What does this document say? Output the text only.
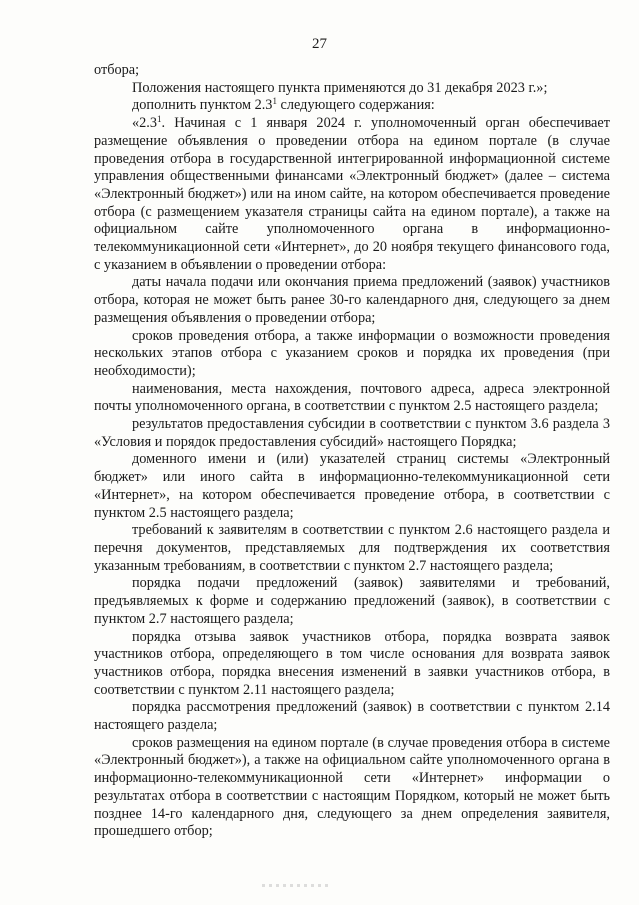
27

отбора;

Положения настоящего пункта применяются до 31 декабря 2023 г.»;

дополнить пунктом $2.3^1$ следующего содержания:

«$2.3^1$. Начиная с 1 января 2024 г. уполномоченный орган обеспечивает размещение объявления о проведении отбора на едином портале (в случае проведения отбора в государственной интегрированной информационной системе управления общественными финансами «Электронный бюджет» (далее – система «Электронный бюджет») или на ином сайте, на котором обеспечивается проведение отбора (с размещением указателя страницы сайта на едином портале), а также на официальном сайте уполномоченного органа в информационно-телекоммуникационной сети «Интернет», до 20 ноября текущего финансового года, с указанием в объявлении о проведении отбора:

даты начала подачи или окончания приема предложений (заявок) участников отбора, которая не может быть ранее 30-го календарного дня, следующего за днем размещения объявления о проведении отбора;

сроков проведения отбора, а также информации о возможности проведения нескольких этапов отбора с указанием сроков и порядка их проведения (при необходимости);

наименования, места нахождения, почтового адреса, адреса электронной почты уполномоченного органа, в соответствии с пунктом 2.5 настоящего раздела;

результатов предоставления субсидии в соответствии с пунктом 3.6 раздела 3 «Условия и порядок предоставления субсидий» настоящего Порядка;

доменного имени и (или) указателей страниц системы «Электронный бюджет» или иного сайта в информационно-телекоммуникационной сети «Интернет», на котором обеспечивается проведение отбора, в соответствии с пунктом 2.5 настоящего раздела;

требований к заявителям в соответствии с пунктом 2.6 настоящего раздела и перечня документов, представляемых для подтверждения их соответствия указанным требованиям, в соответствии с пунктом 2.7 настоящего раздела;

порядка подачи предложений (заявок) заявителями и требований, предъявляемых к форме и содержанию предложений (заявок), в соответствии с пунктом 2.7 настоящего раздела;

порядка отзыва заявок участников отбора, порядка возврата заявок участников отбора, определяющего в том числе основания для возврата заявок участников отбора, порядка внесения изменений в заявки участников отбора, в соответствии с пунктом 2.11 настоящего раздела;

порядка рассмотрения предложений (заявок) в соответствии с пунктом 2.14 настоящего раздела;

сроков размещения на едином портале (в случае проведения отбора в системе «Электронный бюджет»), а также на официальном сайте уполномоченного органа в информационно-телекоммуникационной сети «Интернет» информации о результатах отбора в соответствии с настоящим Порядком, который не может быть позднее 14-го календарного дня, следующего за днем определения заявителя, прошедшего отбор;
